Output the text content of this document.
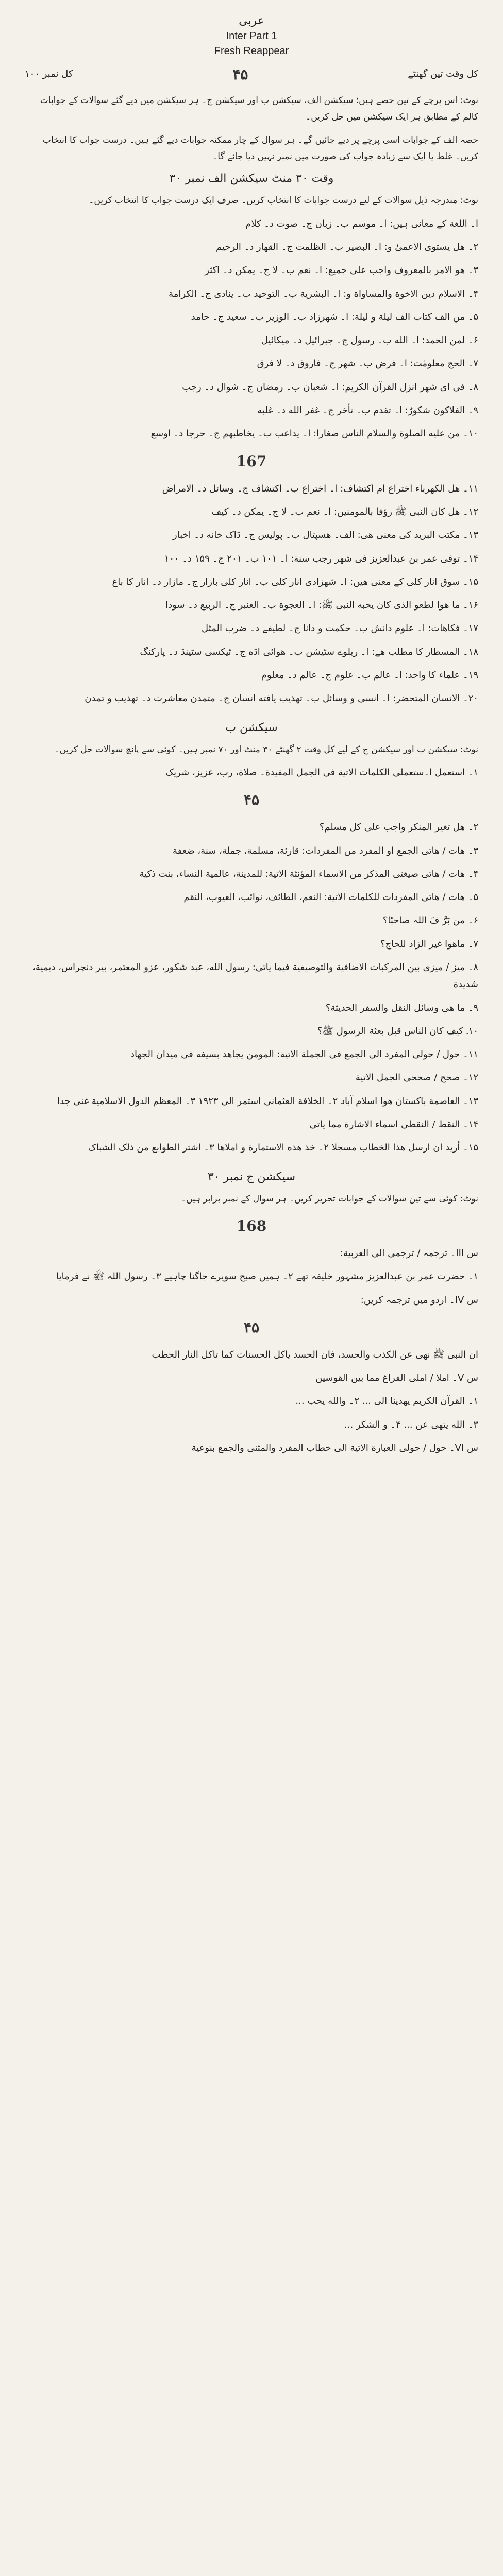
عربی
Inter Part 1
Fresh Reappear
کل وقت تین گھنٹے
۴۵
کل نمبر ۱۰۰
نوٹ: اس پرچے کے تین حصے ہیں؛ سیکشن الف، سیکشن ب اور سیکشن ج۔ ہر سیکشن میں دیے گئے سوالات کے جوابات کالم کے مطابق ہر ایک سیکشن میں حل کریں۔
حصہ الف کے جوابات اسی پرچے پر دیے جائیں گے۔ ہر سوال کے چار ممکنہ جوابات دیے گئے ہیں۔ درست جواب کا انتخاب کریں۔ غلط یا ایک سے زیادہ جواب کی صورت میں نمبر نہیں دیا جائے گا۔
وقت ۳۰ منٹ سیکشن الف نمبر ۳۰
نوٹ: مندرجہ ذیل سوالات کے لیے درست جوابات کا انتخاب کریں۔ صرف ایک درست جواب کا انتخاب کریں۔
ا۔ اللغة کے معانی ہیں: ا۔ موسم ب۔ زبان ج۔ صوت د۔ کلام
۲۔ هل یستوی الاعمیٰ و: ا۔ البصیر ب۔ الظلمت ج۔ القهار د۔ الرحیم
۳۔ هو الامر بالمعروف واجب علی جمیع: ا۔ نعم ب۔ لا ج۔ یمکن د۔ اکثر
۴۔ الاسلام دین الاخوة والمساواة و: ا۔ البشریة ب۔ التوحید ب۔ ینادی ج۔ الکرامة
۵۔ من الف کتاب الف لیلة و لیلة: ا۔ شهرزاد ب۔ الوزیر ب۔ سعید ج۔ حامد
۶۔ لمن الحمد: ا۔ الله ب۔ رسول ج۔ جبرائیل د۔ میکائیل
۷۔ الحج معلومٰت: ا۔ فرض ب۔ شهر ج۔ فاروق د۔ لا فرق
۸۔ فی ای شهر انزل القرآن الکریم: ا۔ شعبان ب۔ رمضان ج۔ شوال د۔ رجب
۹۔ الفلاکون شکورٌ: ا۔ تقدم ب۔ تأخر ج۔ غفر الله د۔ غلبه
۱۰۔ من علیه الصلوة والسلام الناس صغارا: ا۔ یداعب ب۔ یخاطبهم ج۔ حرجا د۔ اوسع
167
۱۱۔ هل الکهرباء اختراع ام اکتشاف: ا۔ اختراع ب۔ اکتشاف ج۔ وسائل د۔ الامراض
۱۲۔ هل کان النبی ﷺ رؤفا بالمومنین: ا۔ نعم ب۔ لا ج۔ یمکن د۔ کیف
۱۳۔ مکتب البرید کی معنی هی: الف۔ هسپتال ب۔ پولیس ج۔ ڈاک خانه د۔ اخبار
۱۴۔ توفی عمر بن عبدالعزیز فی شهر رجب سنة: ا۔ ۱۰۱ ب۔ ۲۰۱ ج۔ ۱۵۹ د۔ ۱۰۰
۱۵۔ سوق انار کلی کے معنی هیں: ا۔ شهزادی انار کلی ب۔ انار کلی بازار ج۔ مازار د۔ انار کا باغ
۱۶۔ ما هوا لطعو الذی کان یحبه النبی ﷺ: ا۔ العجوة ب۔ العنبر ج۔ الربیع د۔ سودا
۱۷۔ فکاهات: ا۔ علوم دانش ب۔ حکمت و دانا ج۔ لطیفے د۔ ضرب المثل
۱۸۔ المسطار کا مطلب هے: ا۔ ریلوے سٹیشن ب۔ هوائی اڈه ج۔ ٹیکسی سٹینڈ د۔ پارکنگ
۱۹۔ علماء کا واحد: ا۔ عالم ب۔ علوم ج۔ عالم د۔ معلوم
۲۰۔ الانسان المتحضر: ا۔ انسی و وسائل ب۔ تهذیب یافته انسان ج۔ متمدن معاشرت د۔ تهذیب و تمدن
سیکشن ب
نوٹ: سیکشن ب اور سیکشن ج کے لیے کل وقت ۲ گھنٹے ۳۰ منٹ اور ۷۰ نمبر ہیں۔ کوئی سے پانچ سوالات حل کریں۔
۱۔ استعمل ا۔ستعملی الکلمات الاتیة فی الجمل المفیدة۔ صلاة، رب، عزیز، شریک
۴۵
۲۔ هل تغیر المنکر واجب علی کل مسلم؟
۳۔ هات / هاتی الجمع او المفرد من المفردات: قارئة، مسلمة، جملة، سنة، ضعفة
۴۔ هات / هاتی صیغتی المذکر من الاسماء المؤنثة الاتیة: للمدینة، عالمیة النساء، بنت ذکیة
۵۔ هات / هاتی المفردات للکلمات الاتیة: النعم، الطائف، نوائب، العیوب، النقم
۶۔ من بَرَّ فَ اللہ صاحبًا؟
۷۔ ماهوا غیر الزاد للحاج؟
۸۔ میز / میزی بین المرکبات الاضافیة والتوصیفیة فیما یاتی: رسول الله، عبد شکور، عزو المعتمر، بیر دنچراس، دیمیة، شدیدة
۹۔ ما هی وسائل النقل والسفر الحدیثة؟
۱۰۔ کیف کان الناس قبل بعثة الرسول ﷺ؟
۱۱۔ حول / حولی المفرد الی الجمع فی الجملة الاتیة: المومن یجاهد بسیفه فی میدان الجهاد
۱۲۔ صحح / صححی الجمل الاتیة
۱۳۔ العاصمة باکستان هوا اسلام آباد ۲۔ الخلافة العثمانی استمر الی ۱۹۲۳ ۳۔ المعظم الدول الاسلامیة غنی جدا
۱۴۔ النقط / النقطی اسماء الاشارة مما یاتی
۱۵۔ أرید ان ارسل هذا الخطاب مسجلا ۲۔ خذ هذه الاستمارة و املاها ۳۔ اشتر الطوابع من ذلک الشباک
سیکشن ج نمبر ۳۰
نوٹ: کوئی سے تین سوالات کے جوابات تحریر کریں۔ ہر سوال کے نمبر برابر ہیں۔
168
س III۔ ترجمہ / ترجمی الی العربیة:
۱۔ حضرت عمر بن عبدالعزیز مشہور خلیفہ تھے ۲۔ ہمیں صبح سویرے جاگنا چاہیے ۳۔ رسول اللہ ﷺ نے فرمایا
س IV۔ اردو میں ترجمہ کریں:
۴۵
ان النبی ﷺ نهی عن الکذب والحسد، فان الحسد یاکل الحسنات کما تاکل النار الحطب
س V۔ املا / املی الفراغ مما بین القوسین
۱۔ القرآن الکریم یهدینا الی ... ۲۔ والله یحب ...
۳۔ الله یتهی عن ... ۴۔ و الشکر ...
س VI۔ حول / حولی العبارة الاتیة الی خطاب المفرد والمثنی والجمع بنوعیة
